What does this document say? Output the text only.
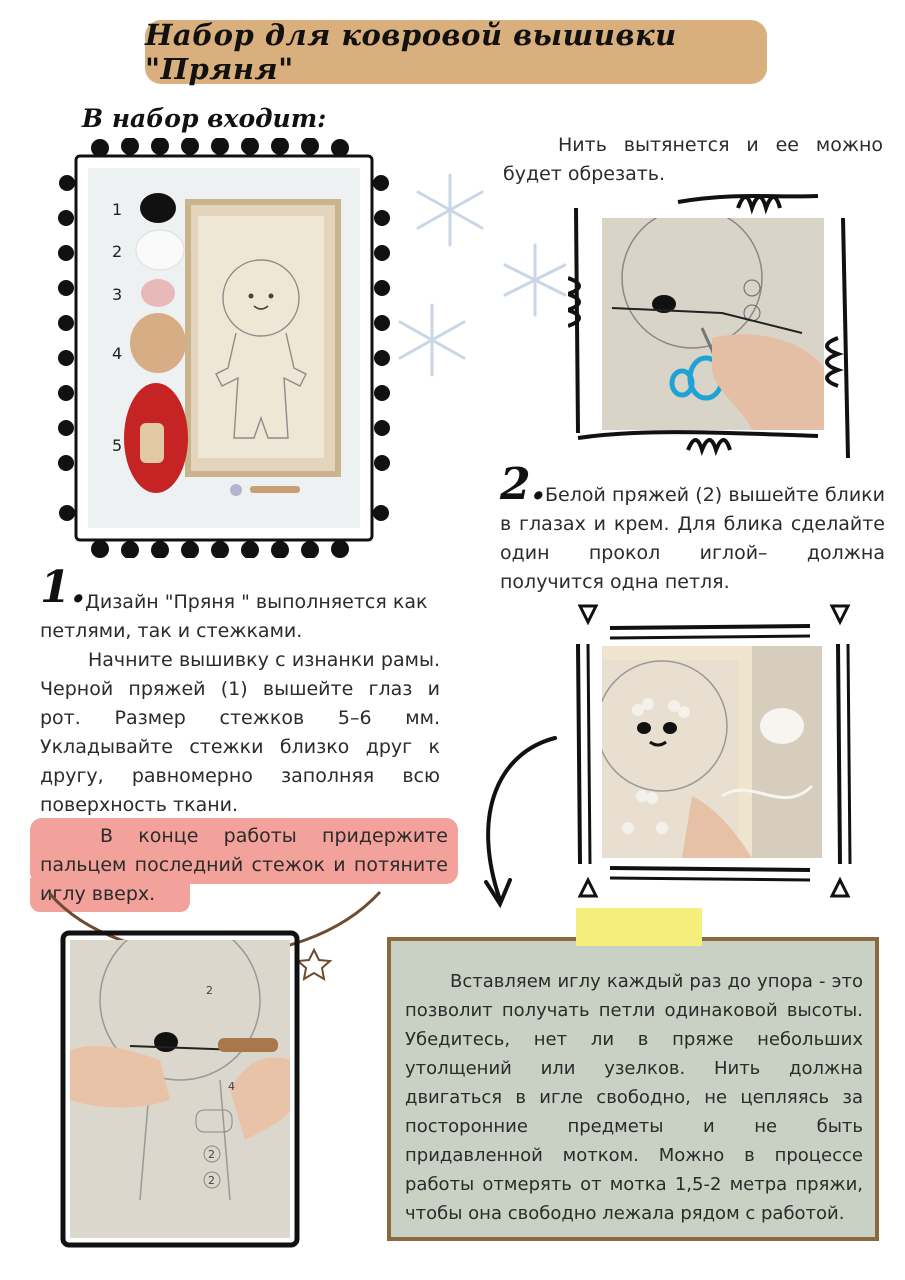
Набор для ковровой вышивки "Пряня"
В набор входит:
1
2
3
4
5
Нить вытянется и ее можно будет обрезать.
2. Белой пряжей (2) вышейте блики в глазах и крем. Для блика сделайте один прокол иглой– должна получится одна петля.
1. Дизайн "Пряня " выполняется как петлями, так и стежками.
Начните вышивку с изнанки рамы. Черной пряжей (1) вышейте глаз и рот. Размер стежков 5–6 мм. Укладывайте стежки близко друг к другу, равномерно заполняя всю поверхность ткани.
В конце работы придержите пальцем последний стежок и потяните иглу вверх.
2
4
2
2
Вставляем иглу каждый раз до упора - это позволит получать петли одинаковой высоты. Убедитесь, нет ли в пряже небольших утолщений или узелков. Нить должна двигаться в игле свободно, не цепляясь за посторонние предметы и не быть придавленной мотком. Можно в процессе работы отмерять от мотка 1,5-2 метра пряжи, чтобы она свободно лежала рядом с работой.
